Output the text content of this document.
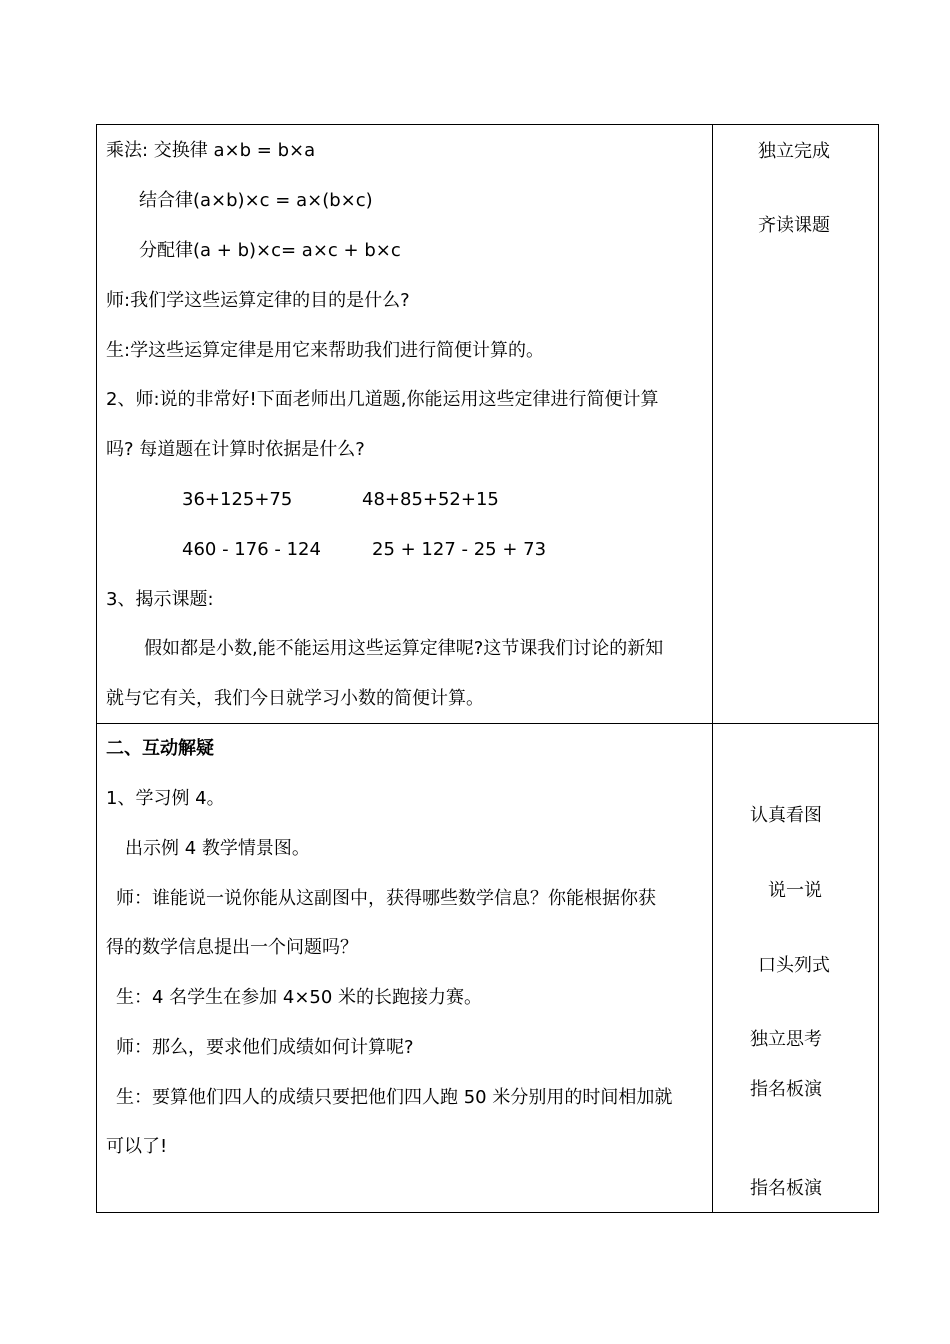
乘法: 交换律 a×b = b×a
结合律(a×b)×c = a×(b×c)
分配律(a + b)×c= a×c + b×c
师:我们学这些运算定律的目的是什么?
生:学这些运算定律是用它来帮助我们进行简便计算的。
2、师:说的非常好!下面老师出几道题,你能运用这些定律进行简便计算
吗? 每道题在计算时依据是什么?
36+125+75	48+85+52+15
460 - 176 - 124	25 + 127 - 25 + 73
3、揭示课题:
假如都是小数,能不能运用这些运算定律呢?这节课我们讨论的新知
就与它有关，我们今日就学习小数的简便计算。
独立完成
齐读课题
二、互动解疑
1、学习例 4。
出示例 4 教学情景图。
师：谁能说一说你能从这副图中，获得哪些数学信息？你能根据你获
得的数学信息提出一个问题吗？
生：4 名学生在参加 4×50 米的长跑接力赛。
师：那么，要求他们成绩如何计算呢?
生：要算他们四人的成绩只要把他们四人跑 50 米分别用的时间相加就
可以了!
认真看图
说一说
口头列式
独立思考
指名板演
指名板演
